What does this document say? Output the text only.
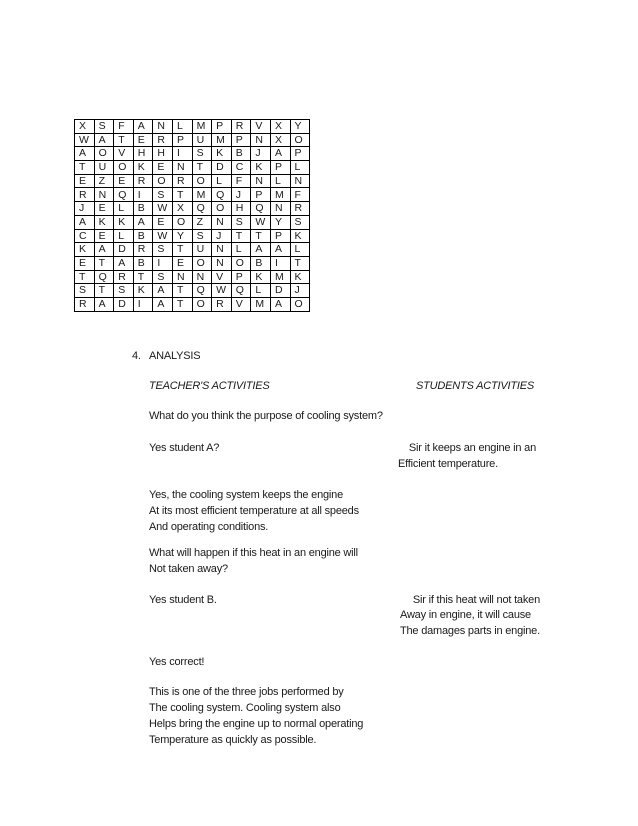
X	S	F	A	N	L	M	P	R	V	X	Y
W	A	T	E	R	P	U	M	P	N	X	O
A	O	V	H	H	I	S	K	B	J	A	P
T	U	O	K	E	N	T	D	C	K	P	L
E	Z	E	R	O	R	O	L	F	N	L	N
R	N	Q	I	S	T	M	Q	J	P	M	F
J	E	L	B	W	X	Q	O	H	Q	N	R
A	K	K	A	E	O	Z	N	S	W	Y	S
C	E	L	B	W	Y	S	J	T	T	P	K
K	A	D	R	S	T	U	N	L	A	A	L
E	T	A	B	I	E	O	N	O	B	I	T
T	Q	R	T	S	N	N	V	P	K	M	K
S	T	S	K	A	T	Q	W	Q	L	D	J
R	A	D	I	A	T	O	R	V	M	A	O
4. ANALYSIS
TEACHER'S ACTIVITIES	STUDENTS ACTIVITIES
What do you think the purpose of cooling system?
Yes student A?	Sir it keeps an engine in an
Efficient temperature.
Yes, the cooling system keeps the engine
At its most efficient temperature at all speeds
And operating conditions.
What will happen if this heat in an engine will
Not taken away?
Yes student B.	Sir if this heat will not taken
Away in engine, it will cause
The damages parts in engine.
Yes correct!
This is one of the three jobs performed by
The cooling system. Cooling system also
Helps bring the engine up to normal operating
Temperature as quickly as possible.
